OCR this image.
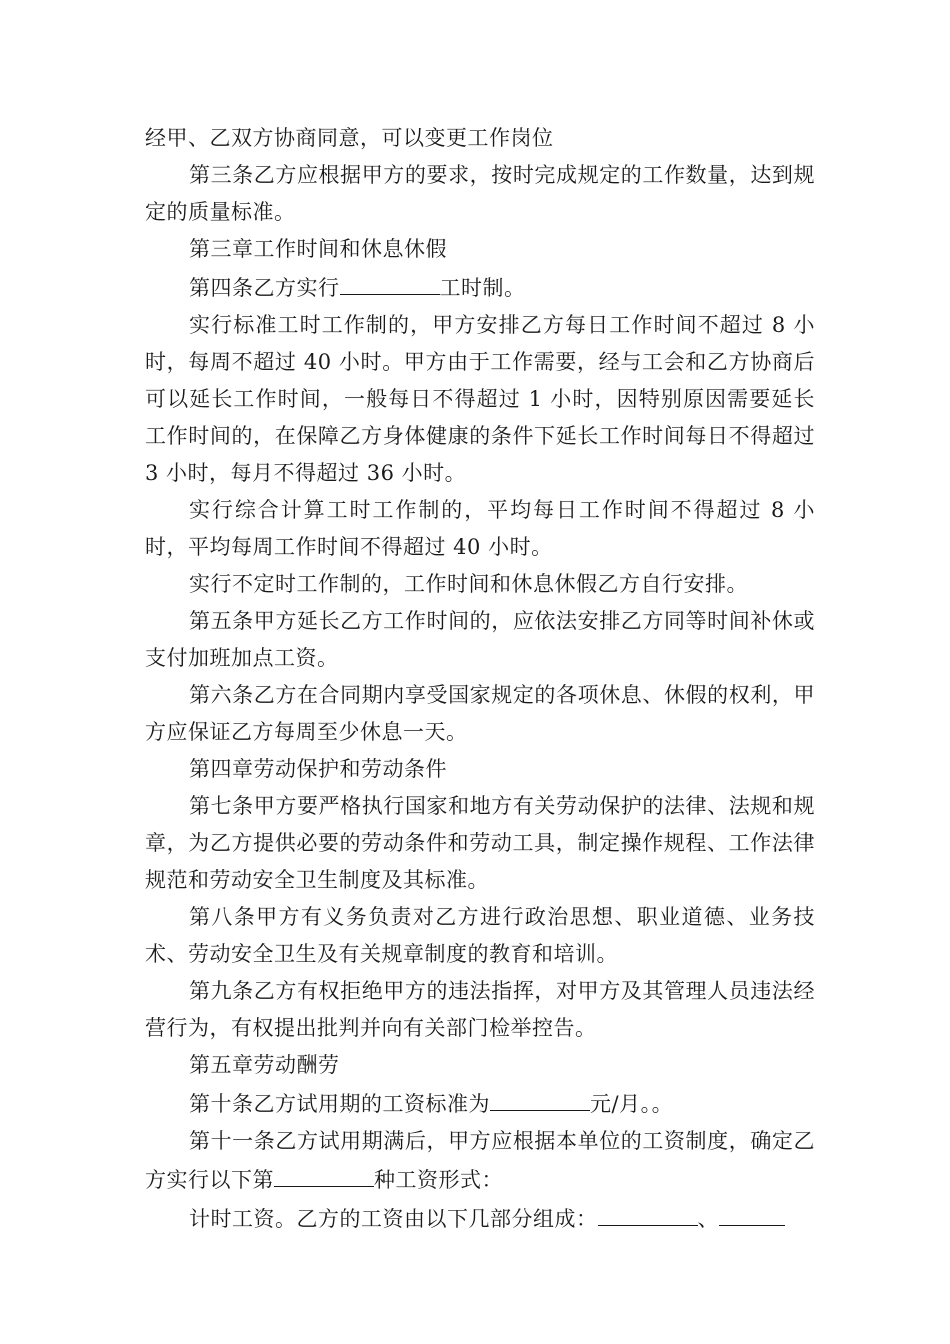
经甲、乙双方协商同意，可以变更工作岗位

第三条乙方应根据甲方的要求，按时完成规定的工作数量，达到规定的质量标准。

第三章工作时间和休息休假

第四条乙方实行	工时制。

实行标准工时工作制的，甲方安排乙方每日工作时间不超过 8 小时，每周不超过 40 小时。甲方由于工作需要，经与工会和乙方协商后可以延长工作时间，一般每日不得超过 1 小时，因特别原因需要延长工作时间的，在保障乙方身体健康的条件下延长工作时间每日不得超过 3 小时，每月不得超过 36 小时。

实行综合计算工时工作制的，平均每日工作时间不得超过 8 小时，平均每周工作时间不得超过 40 小时。

实行不定时工作制的，工作时间和休息休假乙方自行安排。

第五条甲方延长乙方工作时间的，应依法安排乙方同等时间补休或支付加班加点工资。

第六条乙方在合同期内享受国家规定的各项休息、休假的权利，甲方应保证乙方每周至少休息一天。

第四章劳动保护和劳动条件

第七条甲方要严格执行国家和地方有关劳动保护的法律、法规和规章，为乙方提供必要的劳动条件和劳动工具，制定操作规程、工作法律规范和劳动安全卫生制度及其标准。

第八条甲方有义务负责对乙方进行政治思想、职业道德、业务技术、劳动安全卫生及有关规章制度的教育和培训。

第九条乙方有权拒绝甲方的违法指挥，对甲方及其管理人员违法经营行为，有权提出批判并向有关部门检举控告。

第五章劳动酬劳

第十条乙方试用期的工资标准为	元/月。。

第十一条乙方试用期满后，甲方应根据本单位的工资制度，确定乙方实行以下第	种工资形式：

计时工资。乙方的工资由以下几部分组成：	、
